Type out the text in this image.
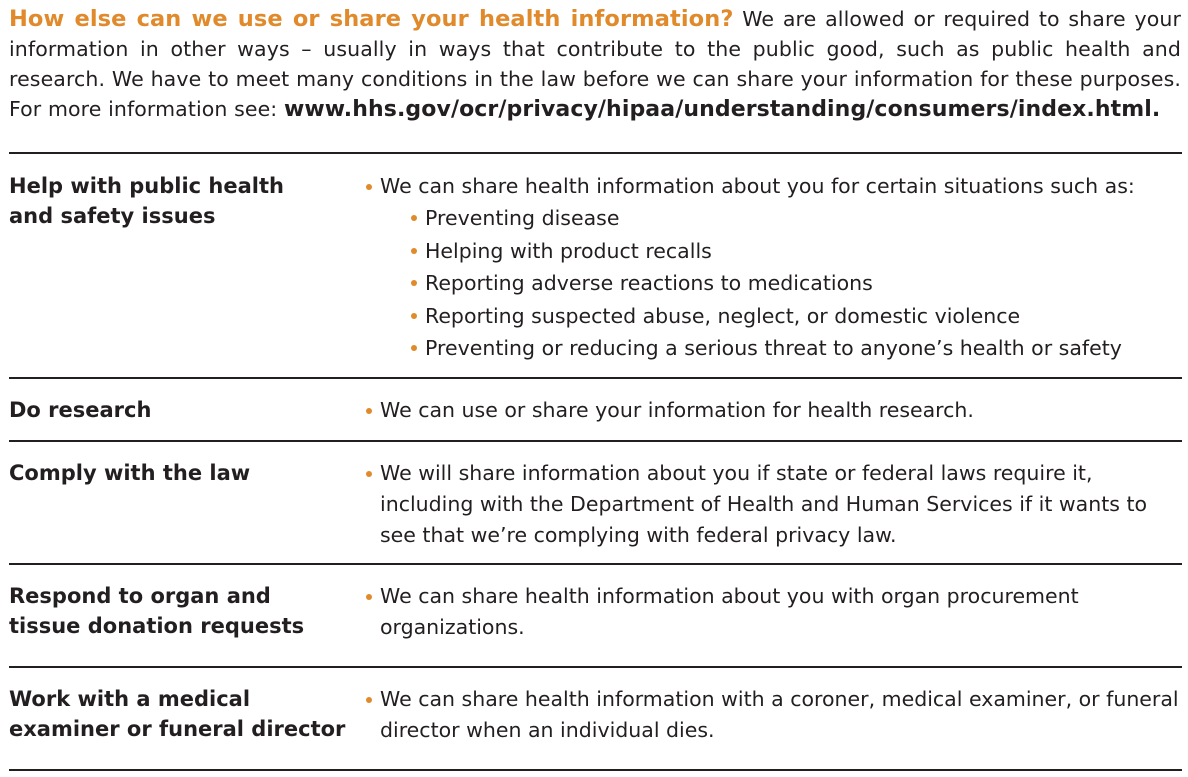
How else can we use or share your health information? We are allowed or required to share your information in other ways – usually in ways that contribute to the public good, such as public health and research. We have to meet many conditions in the law before we can share your information for these purposes. For more information see: www.hhs.gov/ocr/privacy/hipaa/understanding/consumers/index.html.
Help with public health and safety issues
We can share health information about you for certain situations such as:
Preventing disease
Helping with product recalls
Reporting adverse reactions to medications
Reporting suspected abuse, neglect, or domestic violence
Preventing or reducing a serious threat to anyone’s health or safety
Do research	We can use or share your information for health research.
Comply with the law	We will share information about you if state or federal laws require it, including with the Department of Health and Human Services if it wants to see that we’re complying with federal privacy law.
Respond to organ and tissue donation requests
We can share health information about you with organ procurement organizations.
Work with a medical examiner or funeral director
We can share health information with a coroner, medical examiner, or funeral director when an individual dies.
